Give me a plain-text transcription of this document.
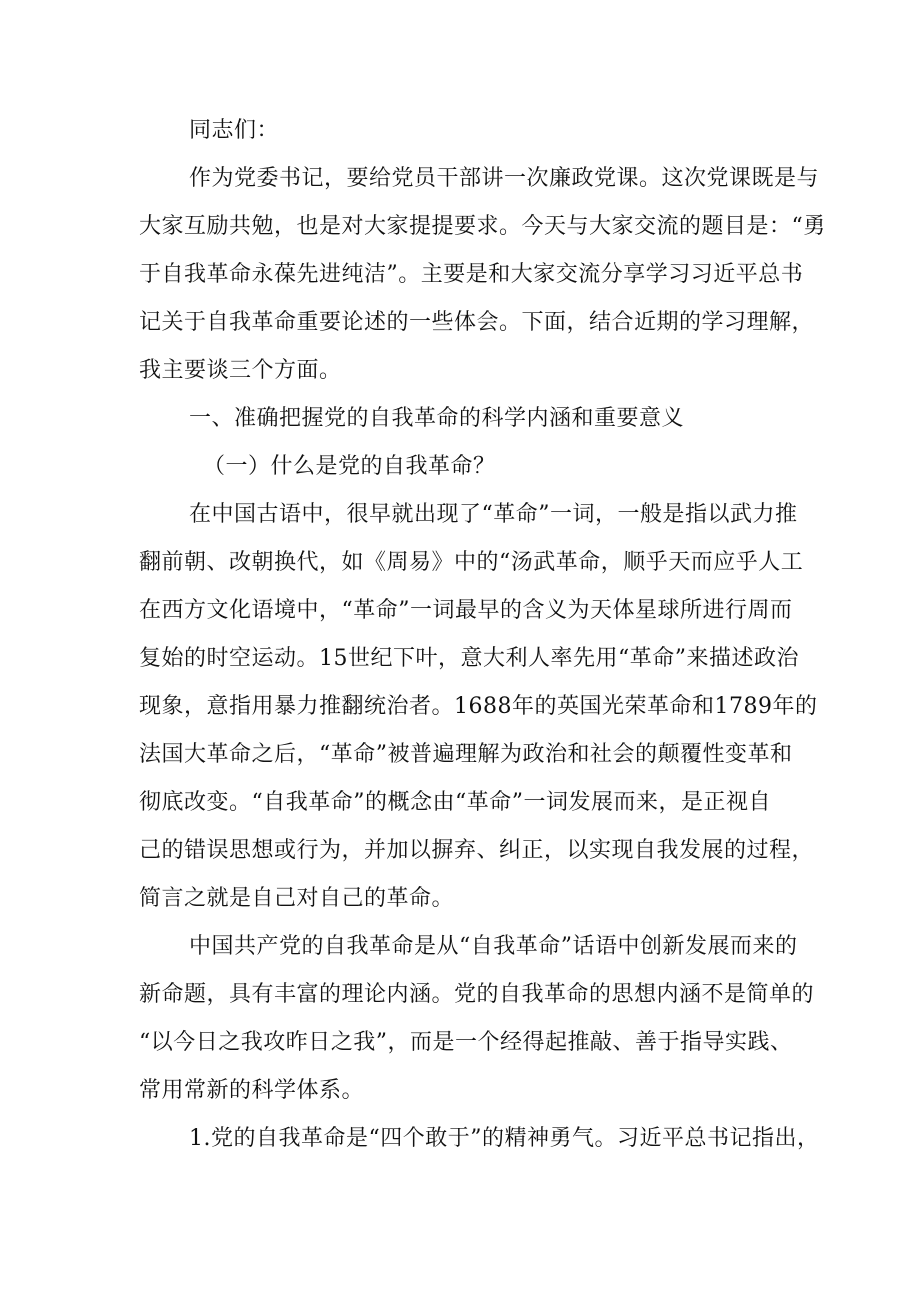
同志们：
作为党委书记，要给党员干部讲一次廉政党课。这次党课既是与
大家互励共勉，也是对大家提提要求。今天与大家交流的题目是：“勇
于自我革命永葆先进纯洁”。主要是和大家交流分享学习习近平总书
记关于自我革命重要论述的一些体会。下面，结合近期的学习理解，
我主要谈三个方面。
一、准确把握党的自我革命的科学内涵和重要意义
（一）什么是党的自我革命？
在中国古语中，很早就出现了“革命”一词，一般是指以武力推
翻前朝、改朝换代，如《周易》中的“汤武革命，顺乎天而应乎人工
在西方文化语境中，“革命”一词最早的含义为天体星球所进行周而
复始的时空运动。15世纪下叶，意大利人率先用“革命”来描述政治
现象，意指用暴力推翻统治者。1688年的英国光荣革命和1789年的
法国大革命之后，“革命”被普遍理解为政治和社会的颠覆性变革和
彻底改变。“自我革命”的概念由“革命”一词发展而来，是正视自
己的错误思想或行为，并加以摒弃、纠正，以实现自我发展的过程，
简言之就是自己对自己的革命。
中国共产党的自我革命是从“自我革命”话语中创新发展而来的
新命题，具有丰富的理论内涵。党的自我革命的思想内涵不是简单的
“以今日之我攻昨日之我”，而是一个经得起推敲、善于指导实践、
常用常新的科学体系。
1.党的自我革命是“四个敢于”的精神勇气。习近平总书记指出，
